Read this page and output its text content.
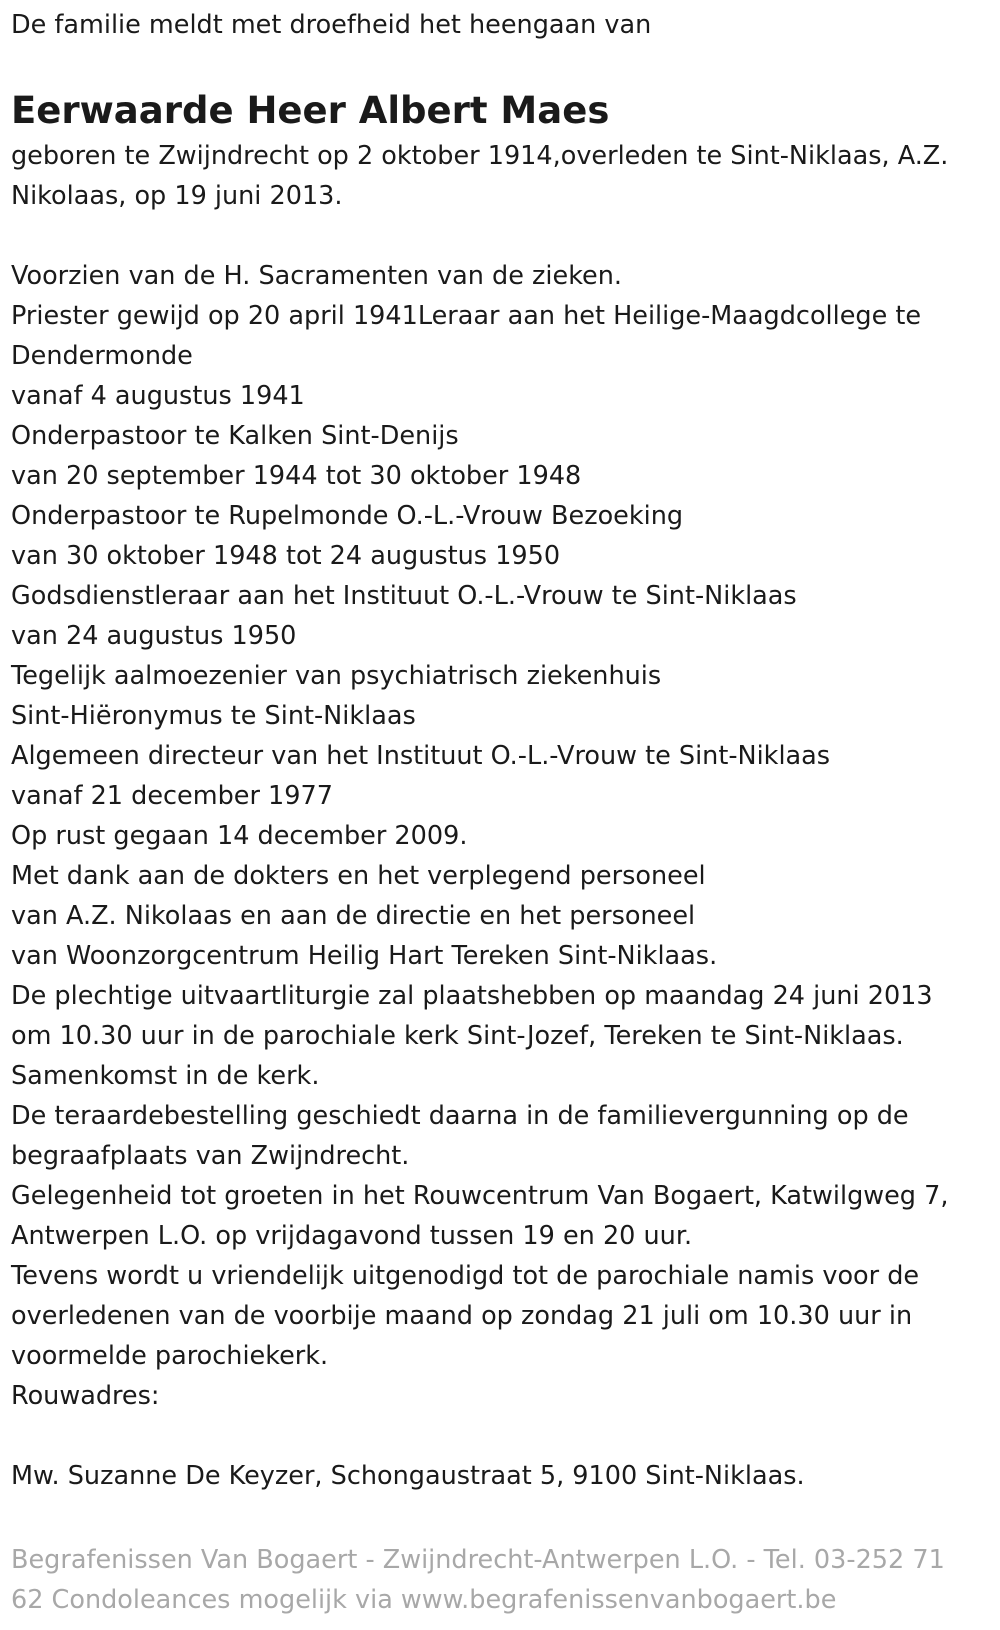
De familie meldt met droefheid het heengaan van

Eerwaarde Heer Albert Maes

geboren te Zwijndrecht op 2 oktober 1914,overleden te Sint-Niklaas, A.Z.

Nikolaas, op 19 juni 2013.

Voorzien van de H. Sacramenten van de zieken.

Priester gewijd op 20 april 1941Leraar aan het Heilige-Maagdcollege te

Dendermonde

vanaf 4 augustus 1941

Onderpastoor te Kalken Sint-Denijs

van 20 september 1944 tot 30 oktober 1948

Onderpastoor te Rupelmonde O.-L.-Vrouw Bezoeking

van 30 oktober 1948 tot 24 augustus 1950

Godsdienstleraar aan het Instituut O.-L.-Vrouw te Sint-Niklaas

van 24 augustus 1950

Tegelijk aalmoezenier van psychiatrisch ziekenhuis

Sint-Hiëronymus te Sint-Niklaas

Algemeen directeur van het Instituut O.-L.-Vrouw te Sint-Niklaas

vanaf 21 december 1977

Op rust gegaan 14 december 2009.

Met dank aan de dokters en het verplegend personeel

van A.Z. Nikolaas en aan de directie en het personeel

van Woonzorgcentrum Heilig Hart Tereken Sint-Niklaas.

De plechtige uitvaartliturgie zal plaatshebben op maandag 24 juni 2013

om 10.30 uur in de parochiale kerk Sint-Jozef, Tereken te Sint-Niklaas.

Samenkomst in de kerk.

De teraardebestelling geschiedt daarna in de familievergunning op de

begraafplaats van Zwijndrecht.

Gelegenheid tot groeten in het Rouwcentrum Van Bogaert, Katwilgweg 7,

Antwerpen L.O. op vrijdagavond tussen 19 en 20 uur.

Tevens wordt u vriendelijk uitgenodigd tot de parochiale namis voor de

overledenen van de voorbije maand op zondag 21 juli om 10.30 uur in

voormelde parochiekerk.

Rouwadres:

Mw. Suzanne De Keyzer, Schongaustraat 5, 9100 Sint-Niklaas.

Begrafenissen Van Bogaert - Zwijndrecht-Antwerpen L.O. - Tel. 03-252 71

62 Condoleances mogelijk via www.begrafenissenvanbogaert.be
